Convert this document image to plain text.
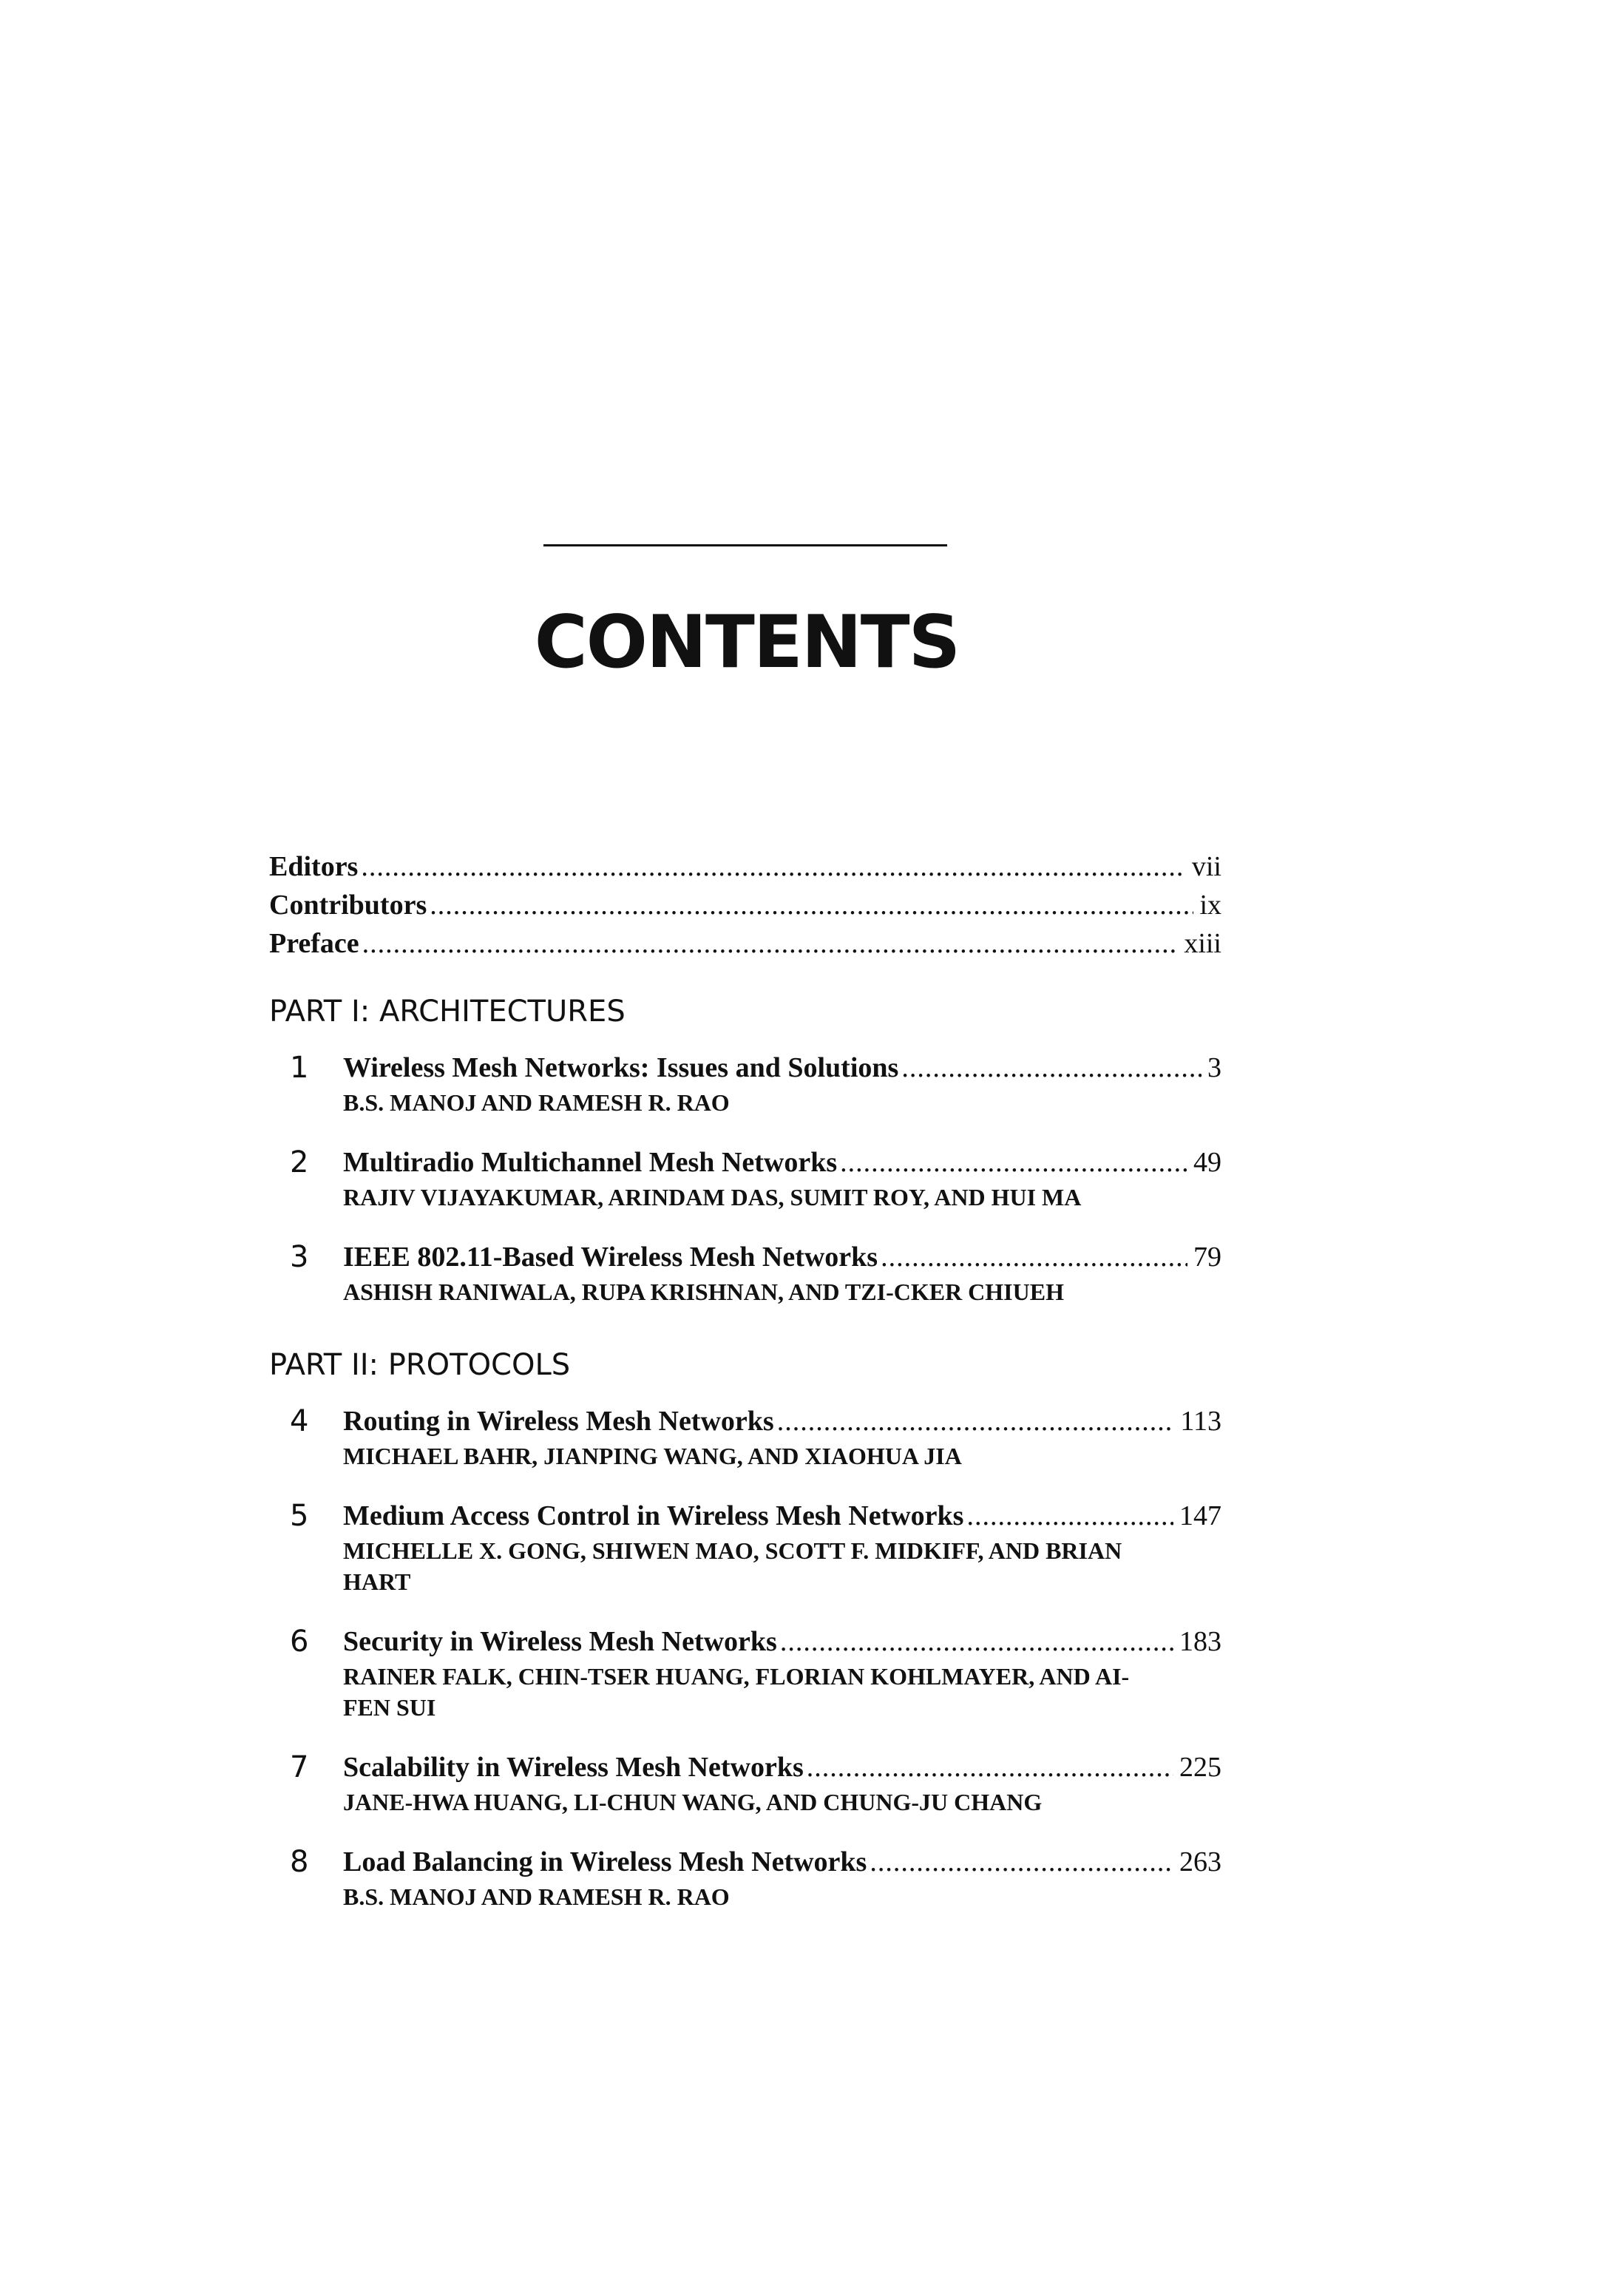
CONTENTS
Editors .....	vii
Contributors .....	ix
Preface .....	xiii
PART I: ARCHITECTURES
1	Wireless Mesh Networks: Issues and Solutions .....	3
B.S. MANOJ AND RAMESH R. RAO
2	Multiradio Multichannel Mesh Networks .....	49
RAJIV VIJAYAKUMAR, ARINDAM DAS, SUMIT ROY, AND HUI MA
3	IEEE 802.11-Based Wireless Mesh Networks .....	79
ASHISH RANIWALA, RUPA KRISHNAN, AND TZI-CKER CHIUEH
PART II: PROTOCOLS
4	Routing in Wireless Mesh Networks .....	113
MICHAEL BAHR, JIANPING WANG, AND XIAOHUA JIA
5	Medium Access Control in Wireless Mesh Networks .....	147
MICHELLE X. GONG, SHIWEN MAO, SCOTT F. MIDKIFF, AND BRIAN HART
6	Security in Wireless Mesh Networks .....	183
RAINER FALK, CHIN-TSER HUANG, FLORIAN KOHLMAYER, AND AI-FEN SUI
7	Scalability in Wireless Mesh Networks .....	225
JANE-HWA HUANG, LI-CHUN WANG, AND CHUNG-JU CHANG
8	Load Balancing in Wireless Mesh Networks .....	263
B.S. MANOJ AND RAMESH R. RAO
